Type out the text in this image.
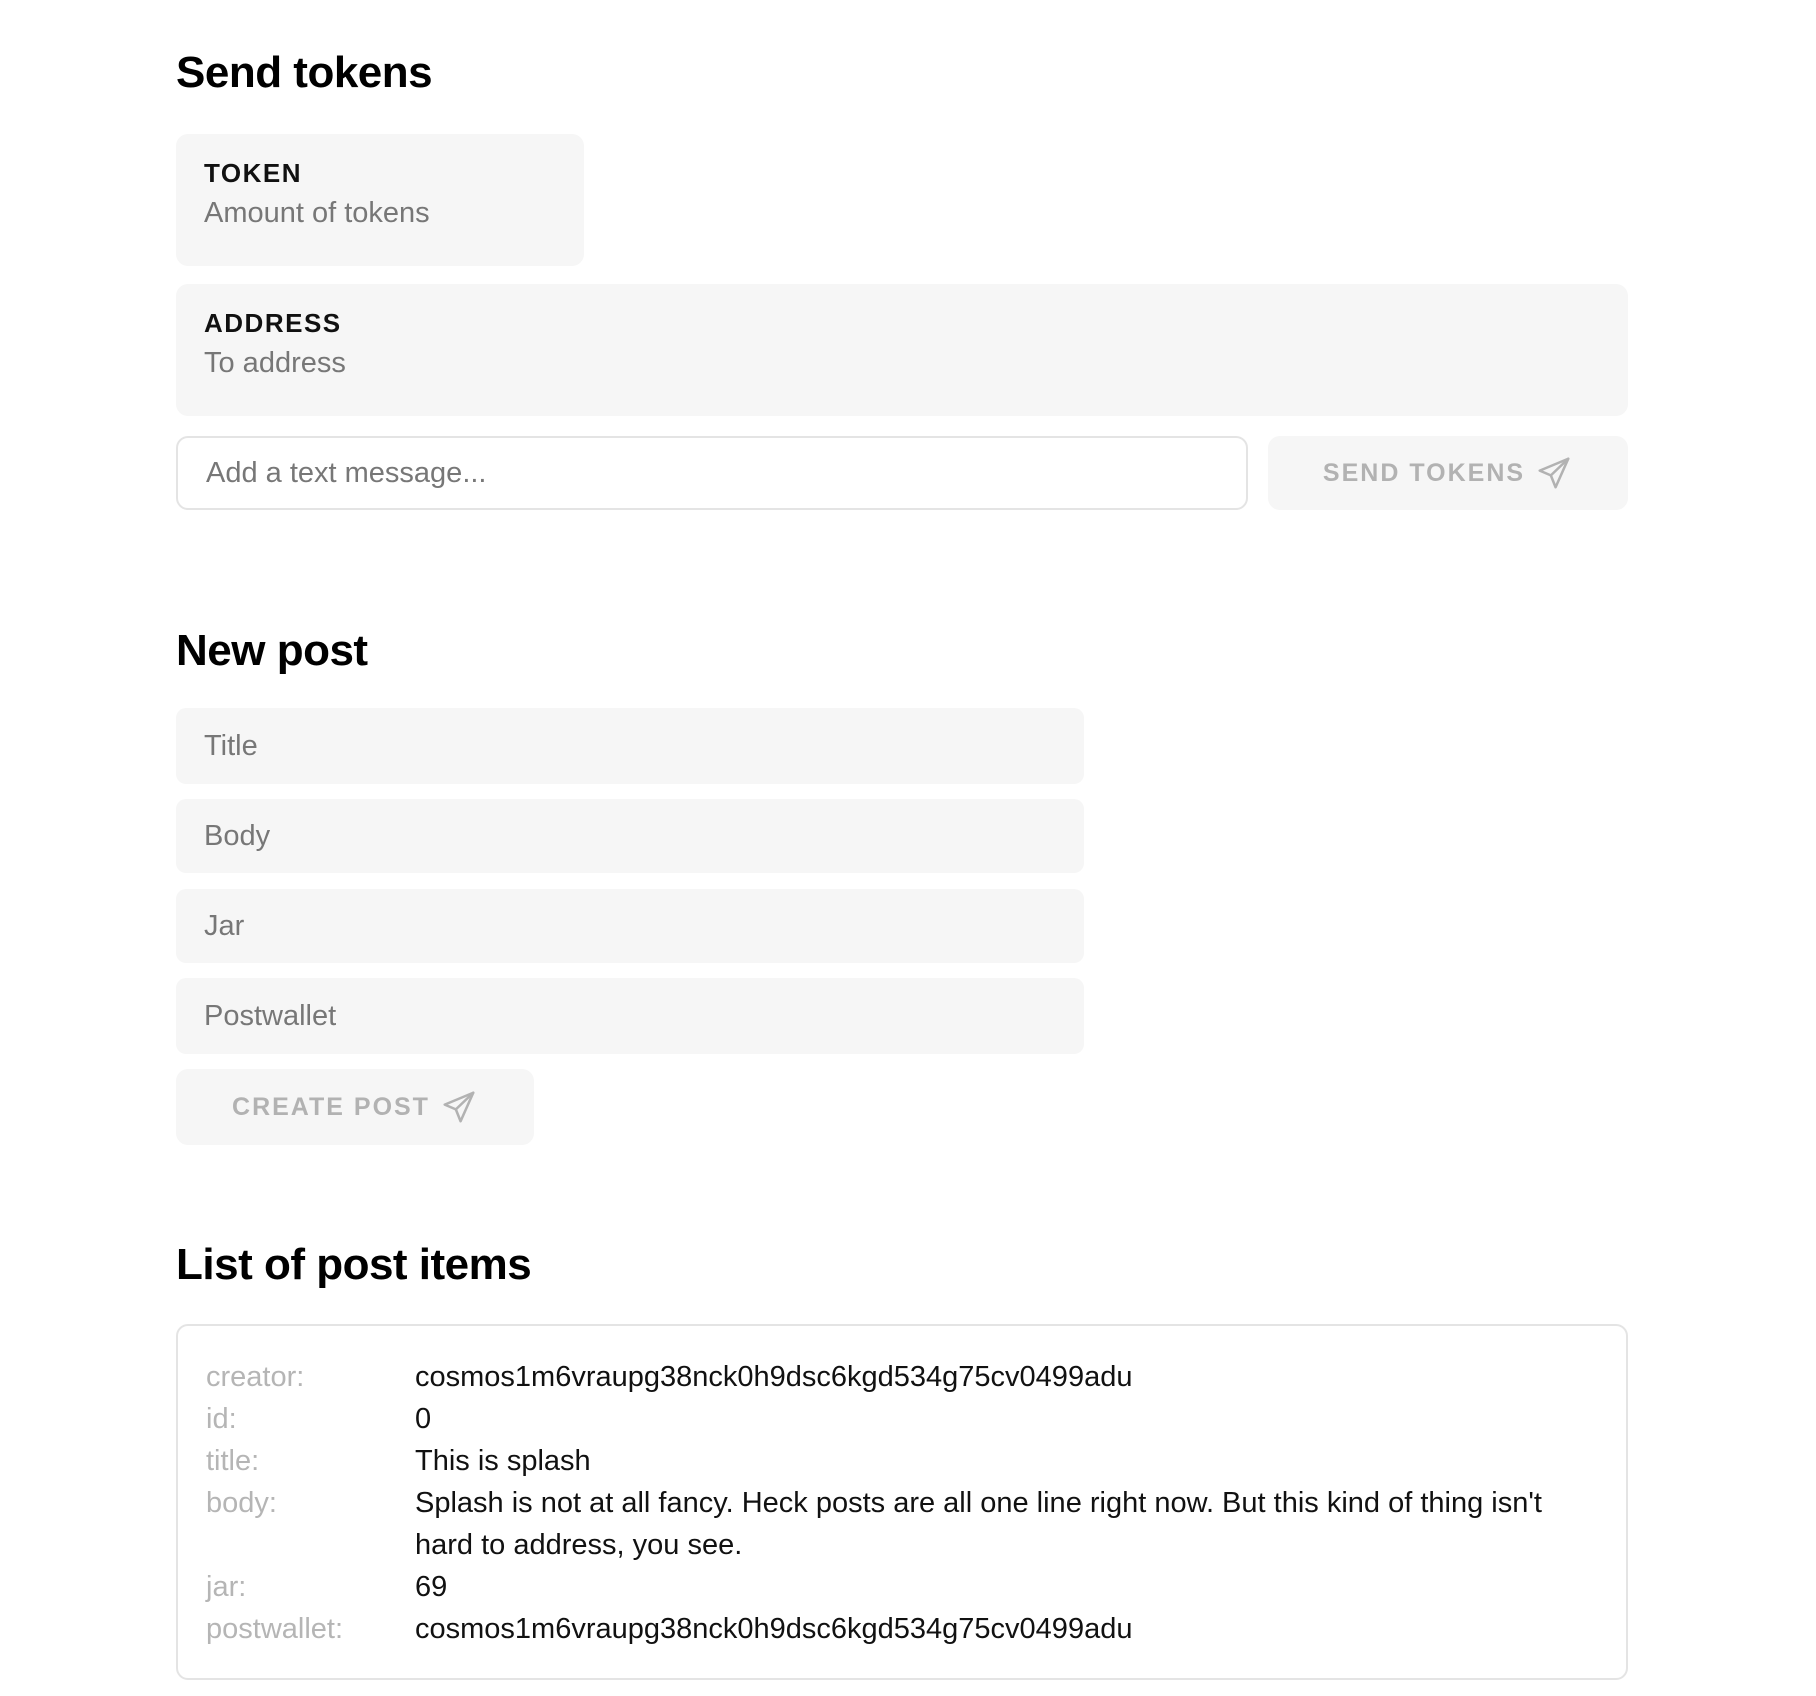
Send tokens
TOKEN
Amount of tokens
ADDRESS
To address
Add a text message...
SEND TOKENS
New post
Title
Body
Jar
Postwallet
CREATE POST
List of post items
creator:	cosmos1m6vraupg38nck0h9dsc6kgd534g75cv0499adu
id:	0
title:	This is splash
body:	Splash is not at all fancy. Heck posts are all one line right now. But this kind of thing isn't hard to address, you see.
jar:	69
postwallet:	cosmos1m6vraupg38nck0h9dsc6kgd534g75cv0499adu
